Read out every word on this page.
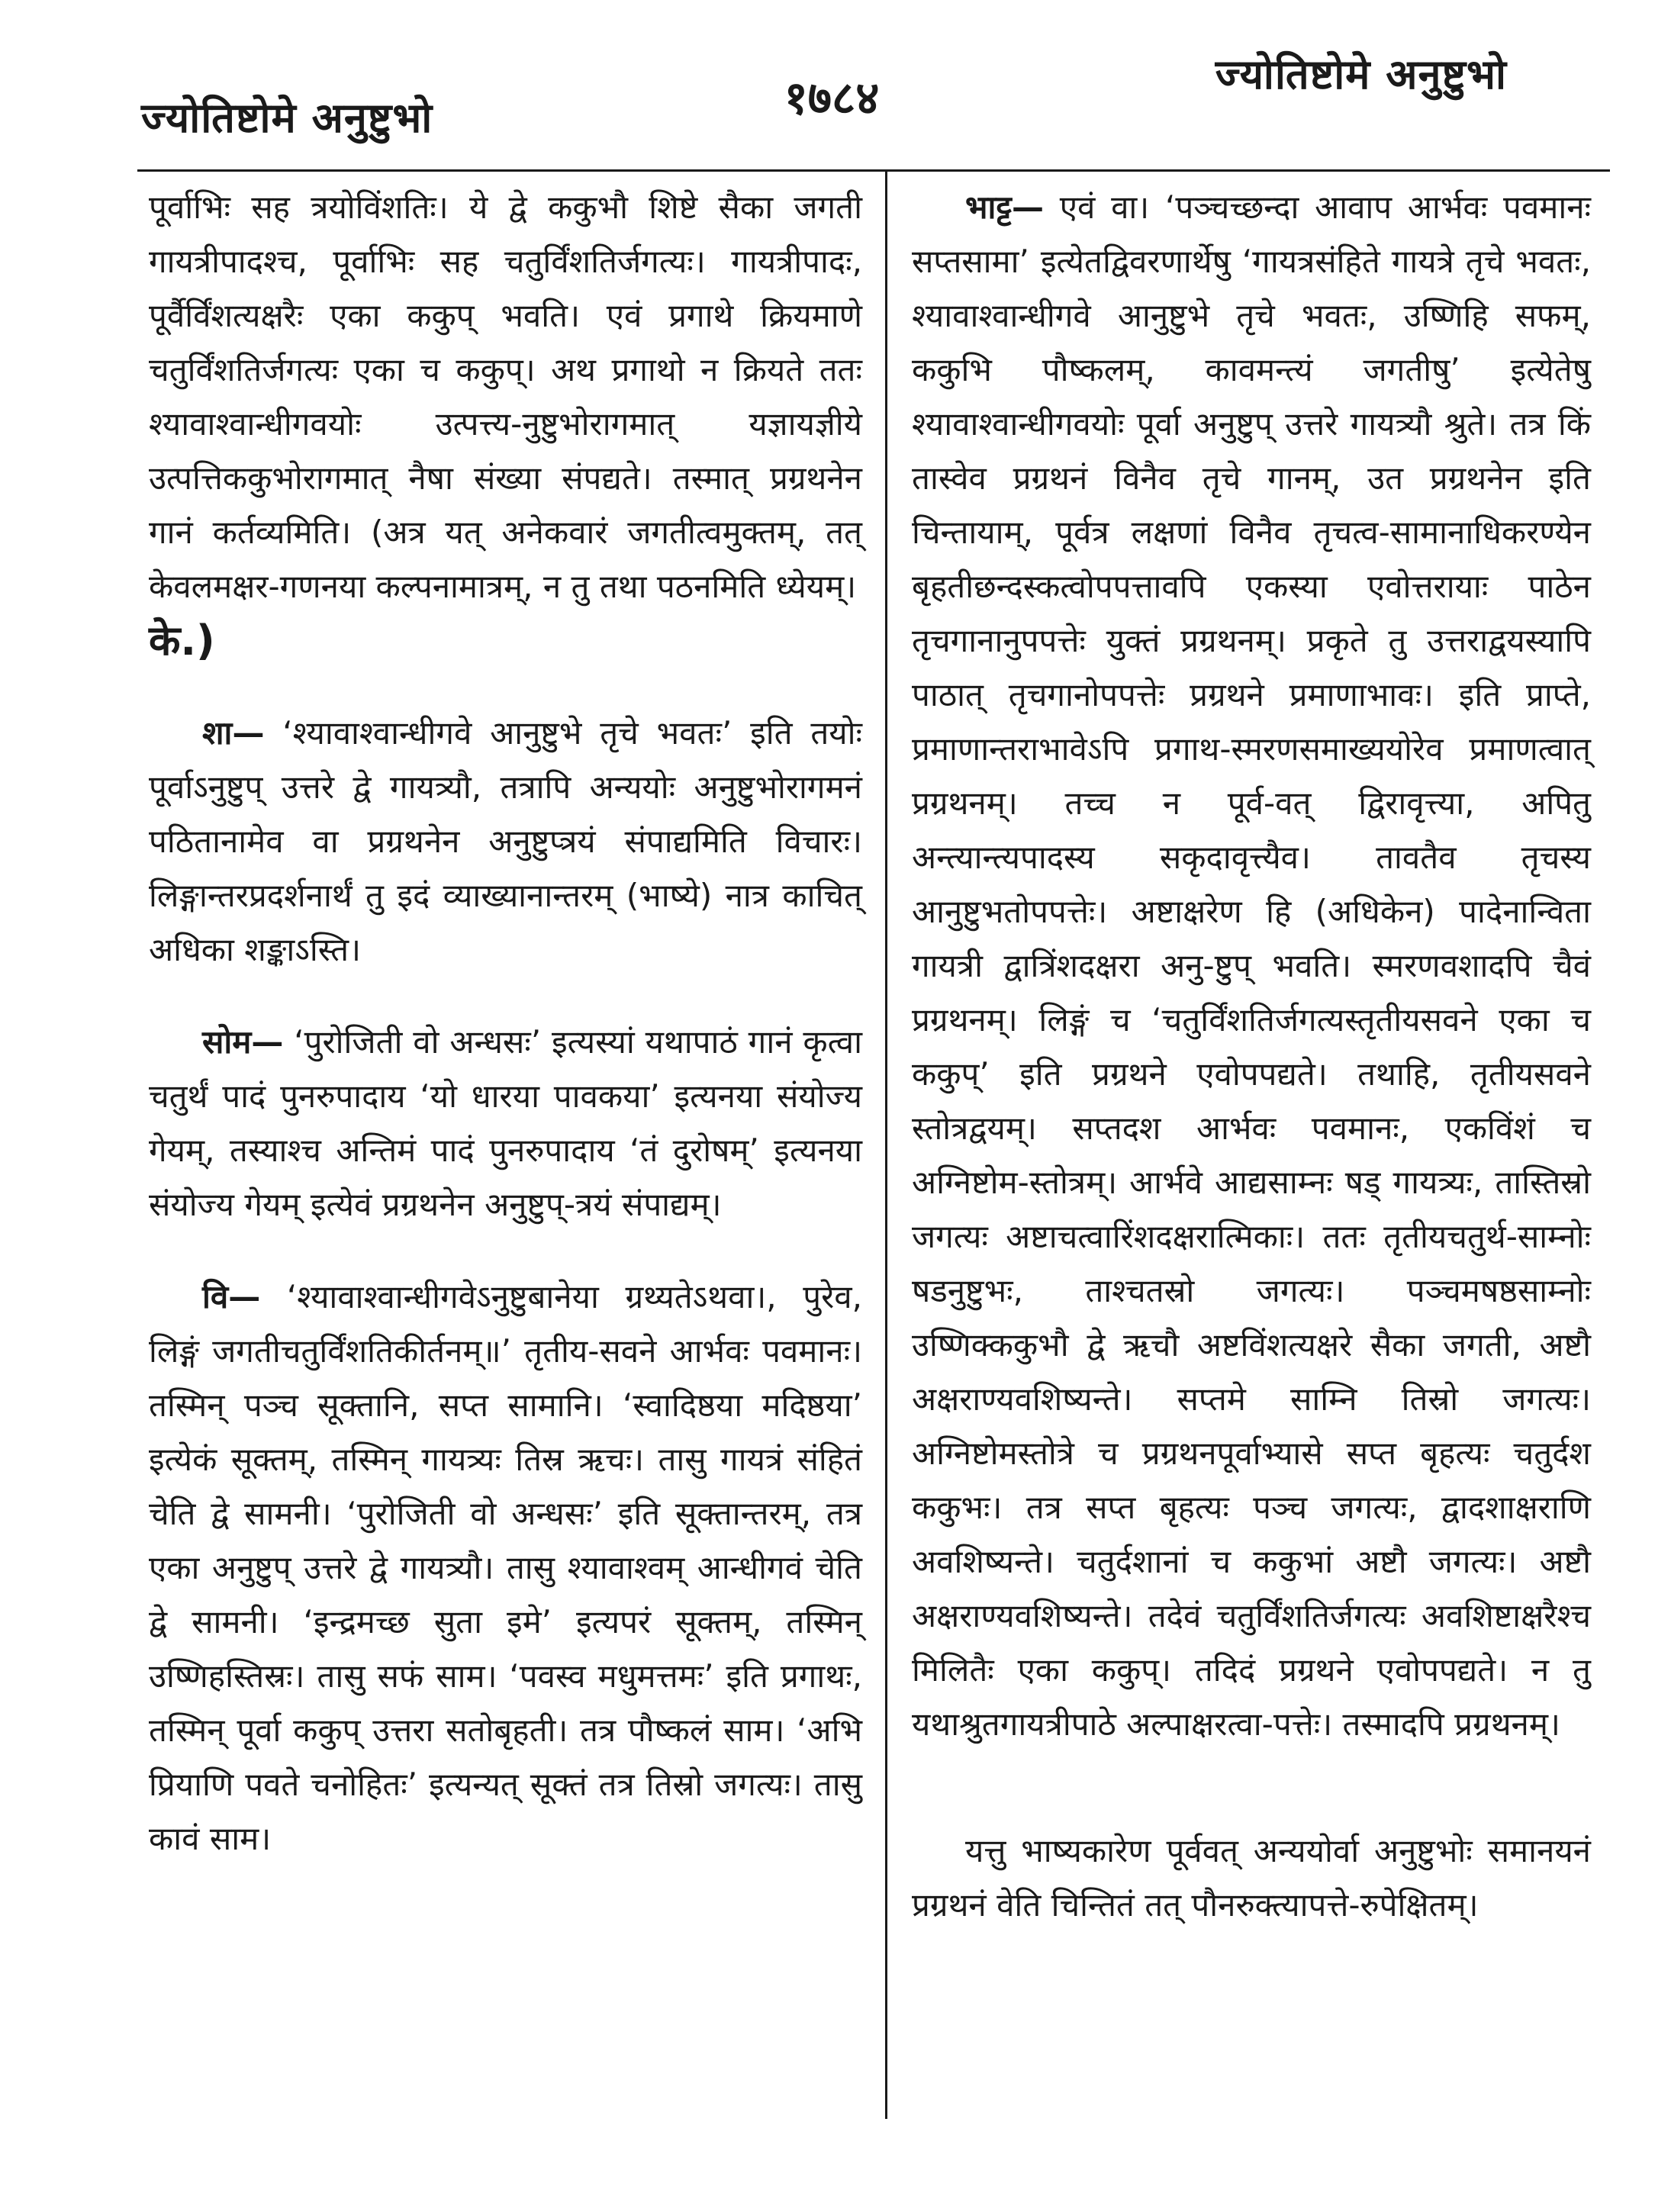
ज्योतिष्टोमे अनुष्टुभो	१७८४	ज्योतिष्टोमे अनुष्टुभो

पूर्वाभिः सह त्रयोविंशतिः। ये द्वे ककुभौ शिष्टे सैका जगती गायत्रीपादश्च, पूर्वाभिः सह चतुर्विंशतिर्जगत्यः। गायत्रीपादः, पूर्वैर्विंशत्यक्षरैः एका ककुप् भवति। एवं प्रगाथे क्रियमाणे चतुर्विंशतिर्जगत्यः एका च ककुप्। अथ प्रगाथो न क्रियते ततः श्यावाश्वान्धीगवयोः उत्पत्त्य-नुष्टुभोरागमात् यज्ञायज्ञीये उत्पत्तिककुभोरागमात् नैषा संख्या संपद्यते। तस्मात् प्रग्रथनेन गानं कर्तव्यमिति। (अत्र यत् अनेकवारं जगतीत्वमुक्तम्, तत् केवलमक्षर-गणनया कल्पनामात्रम्, न तु तथा पठनमिति ध्येयम्।

के.)

शा— ‘श्यावाश्वान्धीगवे आनुष्टुभे तृचे भवतः’ इति तयोः पूर्वाऽनुष्टुप् उत्तरे द्वे गायत्र्यौ, तत्रापि अन्ययोः अनुष्टुभोरागमनं पठितानामेव वा प्रग्रथनेन अनुष्टुप्त्रयं संपाद्यमिति विचारः। लिङ्गान्तरप्रदर्शनार्थं तु इदं व्याख्यानान्तरम् (भाष्ये) नात्र काचित् अधिका शङ्काऽस्ति।

सोम— ‘पुरोजिती वो अन्धसः’ इत्यस्यां यथापाठं गानं कृत्वा चतुर्थं पादं पुनरुपादाय ‘यो धारया पावकया’ इत्यनया संयोज्य गेयम्, तस्याश्च अन्तिमं पादं पुनरुपादाय ‘तं दुरोषम्’ इत्यनया संयोज्य गेयम् इत्येवं प्रग्रथनेन अनुष्टुप्-त्रयं संपाद्यम्।

वि— ‘श्यावाश्वान्धीगवेऽनुष्टुबानेया ग्रथ्यतेऽथवा।, पुरेव, लिङ्गं जगतीचतुर्विंशतिकीर्तनम्॥’ तृतीय-सवने आर्भवः पवमानः। तस्मिन् पञ्च सूक्तानि, सप्त सामानि। ‘स्वादिष्ठया मदिष्ठया’ इत्येकं सूक्तम्, तस्मिन् गायत्र्यः तिस्र ऋचः। तासु गायत्रं संहितं चेति द्वे सामनी। ‘पुरोजिती वो अन्धसः’ इति सूक्तान्तरम्, तत्र एका अनुष्टुप् उत्तरे द्वे गायत्र्यौ। तासु श्यावाश्वम् आन्धीगवं चेति द्वे सामनी। ‘इन्द्रमच्छ सुता इमे’ इत्यपरं सूक्तम्, तस्मिन् उष्णिहस्तिस्रः। तासु सफं साम। ‘पवस्व मधुमत्तमः’ इति प्रगाथः, तस्मिन् पूर्वा ककुप् उत्तरा सतोबृहती। तत्र पौष्कलं साम। ‘अभि प्रियाणि पवते चनोहितः’ इत्यन्यत् सूक्तं तत्र तिस्रो जगत्यः। तासु कावं साम।

भाट्ट— एवं वा। ‘पञ्चच्छन्दा आवाप आर्भवः पवमानः सप्तसामा’ इत्येतद्विवरणार्थेषु ‘गायत्रसंहिते गायत्रे तृचे भवतः, श्यावाश्वान्धीगवे आनुष्टुभे तृचे भवतः, उष्णिहि सफम्, ककुभि पौष्कलम्, कावमन्त्यं जगतीषु’ इत्येतेषु श्यावाश्वान्धीगवयोः पूर्वा अनुष्टुप् उत्तरे गायत्र्यौ श्रुते। तत्र किं तास्वेव प्रग्रथनं विनैव तृचे गानम्, उत प्रग्रथनेन इति चिन्तायाम्, पूर्वत्र लक्षणां विनैव तृचत्व-सामानाधिकरण्येन बृहतीछन्दस्कत्वोपपत्तावपि एकस्या एवोत्तरायाः पाठेन तृचगानानुपपत्तेः युक्तं प्रग्रथनम्। प्रकृते तु उत्तराद्वयस्यापि पाठात् तृचगानोपपत्तेः प्रग्रथने प्रमाणाभावः। इति प्राप्ते, प्रमाणान्तराभावेऽपि प्रगाथ-स्मरणसमाख्ययोरेव प्रमाणत्वात् प्रग्रथनम्। तच्च न पूर्व-वत् द्विरावृत्त्या, अपितु अन्त्यान्त्यपादस्य सकृदावृत्त्यैव। तावतैव तृचस्य आनुष्टुभतोपपत्तेः। अष्टाक्षरेण हि (अधिकेन) पादेनान्विता गायत्री द्वात्रिंशदक्षरा अनु-ष्टुप् भवति। स्मरणवशादपि चैवं प्रग्रथनम्। लिङ्गं च ‘चतुर्विंशतिर्जगत्यस्तृतीयसवने एका च ककुप्’ इति प्रग्रथने एवोपपद्यते। तथाहि, तृतीयसवने स्तोत्रद्वयम्। सप्तदश आर्भवः पवमानः, एकविंशं च अग्निष्टोम-स्तोत्रम्। आर्भवे आद्यसाम्नः षड् गायत्र्यः, तास्तिस्रो जगत्यः अष्टाचत्वारिंशदक्षरात्मिकाः। ततः तृतीयचतुर्थ-साम्नोः षडनुष्टुभः, ताश्चतस्रो जगत्यः। पञ्चमषष्ठसाम्नोः उष्णिक्ककुभौ द्वे ऋचौ अष्टविंशत्यक्षरे सैका जगती, अष्टौ अक्षराण्यवशिष्यन्ते। सप्तमे साम्नि तिस्रो जगत्यः। अग्निष्टोमस्तोत्रे च प्रग्रथनपूर्वाभ्यासे सप्त बृहत्यः चतुर्दश ककुभः। तत्र सप्त बृहत्यः पञ्च जगत्यः, द्वादशाक्षराणि अवशिष्यन्ते। चतुर्दशानां च ककुभां अष्टौ जगत्यः। अष्टौ अक्षराण्यवशिष्यन्ते। तदेवं चतुर्विंशतिर्जगत्यः अवशिष्टाक्षरैश्च मिलितैः एका ककुप्। तदिदं प्रग्रथने एवोपपद्यते। न तु यथाश्रुतगायत्रीपाठे अल्पाक्षरत्वा-पत्तेः। तस्मादपि प्रग्रथनम्।

यत्तु भाष्यकारेण पूर्ववत् अन्ययोर्वा अनुष्टुभोः समानयनं प्रग्रथनं वेति चिन्तितं तत् पौनरुक्त्यापत्ते-रुपेक्षितम्।
